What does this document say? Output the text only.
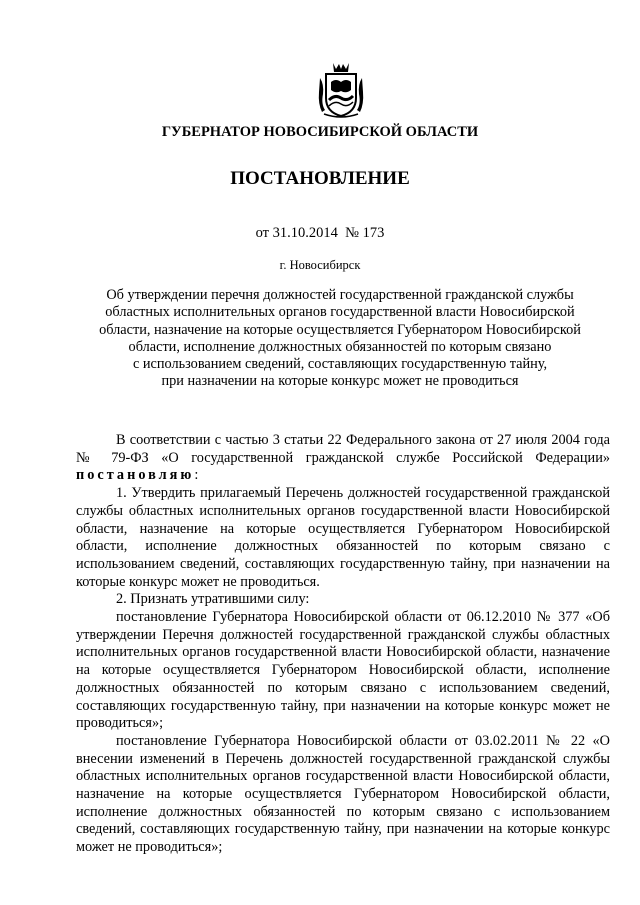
ГУБЕРНАТОР НОВОСИБИРСКОЙ ОБЛАСТИ
ПОСТАНОВЛЕНИЕ
от 31.10.2014  № 173
г. Новосибирск
Об утверждении перечня должностей государственной гражданской службы
областных исполнительных органов государственной власти Новосибирской
области, назначение на которые осуществляется Губернатором Новосибирской
области, исполнение должностных обязанностей по которым связано
с использованием сведений, составляющих государственную тайну,
при назначении на которые конкурс может не проводиться

В соответствии с частью 3 статьи 22 Федерального закона от 27 июля 2004 года № 79-ФЗ «О государственной гражданской службе Российской Федерации» постановляю:

1. Утвердить прилагаемый Перечень должностей государственной гражданской службы областных исполнительных органов государственной власти Новосибирской области, назначение на которые осуществляется Губернатором Новосибирской области, исполнение должностных обязанностей по которым связано с использованием сведений, составляющих государственную тайну, при назначении на которые конкурс может не проводиться.

2. Признать утратившими силу:

постановление Губернатора Новосибирской области от 06.12.2010 № 377 «Об утверждении Перечня должностей государственной гражданской службы областных исполнительных органов государственной власти Новосибирской области, назначение на которые осуществляется Губернатором Новосибирской области, исполнение должностных обязанностей по которым связано с использованием сведений, составляющих государственную тайну, при назначении на которые конкурс может не проводиться»;

постановление Губернатора Новосибирской области от 03.02.2011 № 22 «О внесении изменений в Перечень должностей государственной гражданской службы областных исполнительных органов государственной власти Новосибирской области, назначение на которые осуществляется Губернатором Новосибирской области, исполнение должностных обязанностей по которым связано с использованием сведений, составляющих государственную тайну, при назначении на которые конкурс может не проводиться»;
